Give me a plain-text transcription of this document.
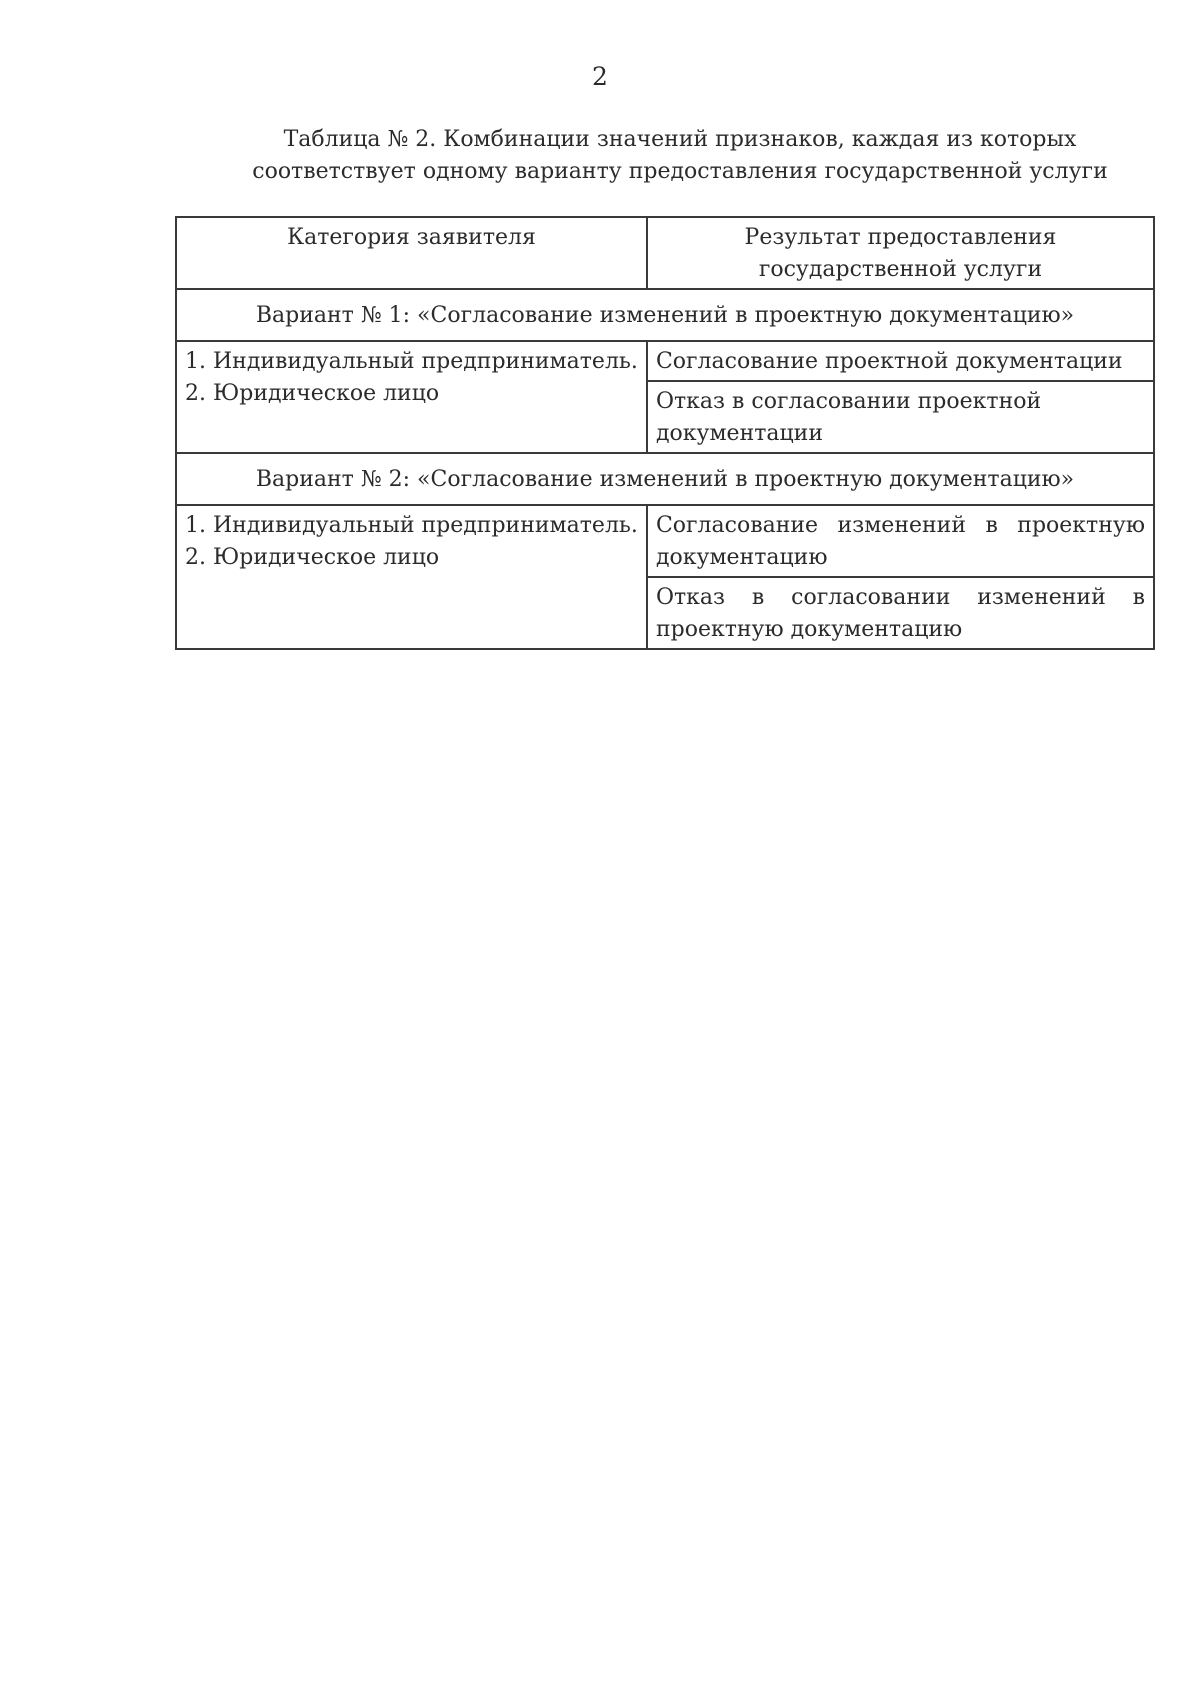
2
Таблица № 2. Комбинации значений признаков, каждая из которых
соответствует одному варианту предоставления государственной услуги
Категория заявителя	Результат предоставления государственной услуги
Вариант № 1: «Согласование изменений в проектную документацию»	

1. Индивидуальный предприниматель.
2. Юридическое лицо	Согласование проектной документации
	Отказ в согласовании проектной документации
Вариант № 2: «Согласование изменений в проектную документацию»	

1. Индивидуальный предприниматель.
2. Юридическое лицо	Согласование изменений в проектную документацию
	Отказ в согласовании изменений в проектную документацию
